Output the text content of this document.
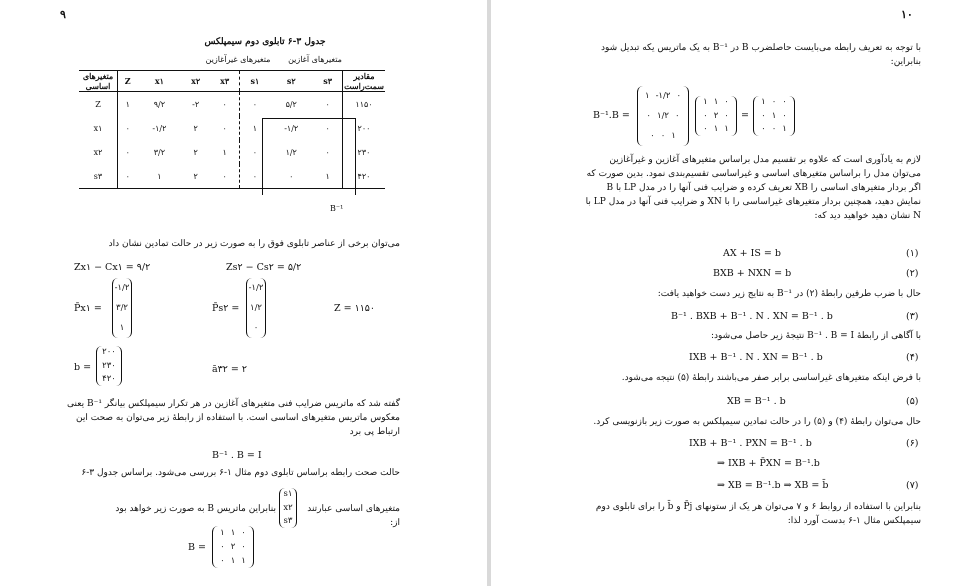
۹
جدول ۳-۶ تابلوی دوم سیمپلکس
متغیرهای غیرآغازین	متغیرهای آغازین
متغیرهای اساسی	Z	x۱	x۲	x۳	s۱	s۲	s۳	مقادیر سمت‌راست
Z	۱	۹/۲	-۲	۰	۰	۵/۲	۰	۱۱۵۰
x۱	۰	-۱/۲	۲	۰	۱	-۱/۲	۰	۲۰۰
x۲	۰	۳/۲	۲	۱	۰	۱/۲	۰	۲۳۰
s۳	۰	۱	۲	۰	۰	۰	۱	۴۲۰
B⁻¹
می‌توان برخی از عناصر تابلوی فوق را به صورت زیر در حالت تمادین نشان داد
Zx۱ − Cx۱ = ۹/۲	Zs۲ − Cs۲ = ۵/۲
P̄x۱ =
-۱/۲
۳/۲
۱
P̄s۲ =
-۱/۲
۱/۲
۰
Z = ۱۱۵۰
b =
۲۰۰
۲۳۰
۴۲۰
ā۳۲ = ۲
گفته شد که ماتریس ضرایب فنی متغیرهای آغازین در هر تکرار سیمپلکس بیانگر B⁻¹ یعنی معکوس ماتریس متغیرهای اساسی است. با استفاده از رابطهٔ زیر می‌توان به صحت این ارتباط پی برد
B⁻¹ . B = I
حالت صحت رابطه براساس تابلوی دوم مثال ۱-۶ بررسی می‌شود. براساس جدول ۳-۶
متغیرهای اساسی عبارتند از:
s۱
x۲
s۳
بنابراین ماتریس B به صورت زیر خواهد بود
B =
۱ ۱ ۰
۰ ۲ ۰
۰ ۱ ۱
۱۰
با توجه به تعریف رابطه می‌بایست حاصلضرب B در B⁻¹ به یک ماتریس یکه تبدیل شود بنابراین:
B⁻¹.B =
۱ -۱/۲ ۰
۰ ۱/۲ ۰
۰ ۰ ۱
۱ ۱ ۰
۰ ۲ ۰
۰ ۱ ۱
=
۱ ۰ ۰
۰ ۱ ۰
۰ ۰ ۱
لازم به یادآوری است که علاوه بر تقسیم مدل براساس متغیرهای آغازین و غیرآغازین می‌توان مدل را براساس متغیرهای اساسی و غیراساسی تقسیم‌بندی نمود. بدین صورت که اگر بردار متغیرهای اساسی را XB تعریف کرده و ضرایب فنی آنها را در مدل LP با B نمایش دهید، همچنین بردار متغیرهای غیراساسی را با XN و ضرایب فنی آنها در مدل LP با N نشان دهید خواهید دید که:
AX + IS = b	(۱)
BXB + NXN = b	(۲)
حال با ضرب طرفین رابطهٔ (۲) در B⁻¹ به نتایج زیر دست خواهید یافت:
B⁻¹ . BXB + B⁻¹ . N . XN = B⁻¹ . b	(۳)
با آگاهی از رابطهٔ B⁻¹ . B = I نتیجهٔ زیر حاصل می‌شود:
IXB + B⁻¹ . N . XN = B⁻¹ . b	(۴)
با فرض اینکه متغیرهای غیراساسی برابر صفر می‌باشند رابطهٔ (۵) نتیجه می‌شود.
XB = B⁻¹ . b	(۵)
حال می‌توان رابطهٔ (۴) و (۵) را در حالت تمادین سیمپلکس به صورت زیر بازنویسی کرد.
IXB + B⁻¹ . PXN = B⁻¹ . b	(۶)
⇒ IXB + P̄XN = B⁻¹.b
⇒ XB = B⁻¹.b ⇒ XB = b̄	(۷)
بنابراین با استفاده از روابط ۶ و ۷ می‌توان هر یک از ستونهای P̄j و b̄ را برای تابلوی دوم سیمپلکس مثال ۱-۶ بدست آورد لذا:
